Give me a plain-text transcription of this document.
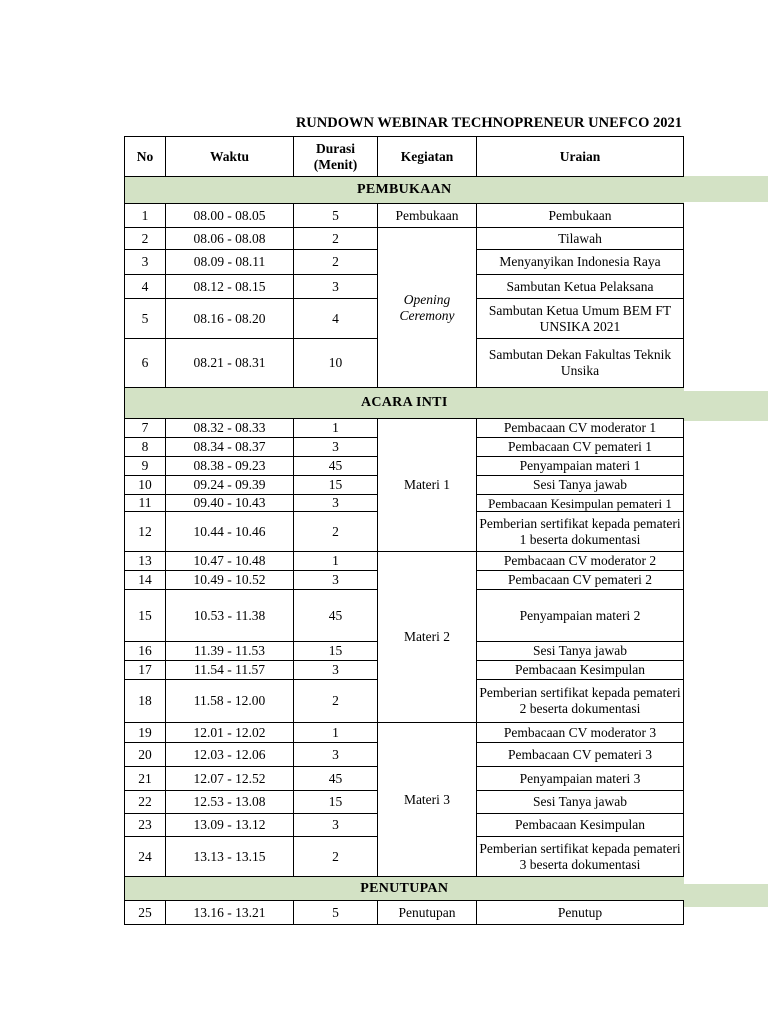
RUNDOWN WEBINAR TECHNOPRENEUR UNEFCO 2021
No	Waktu	Durasi (Menit)	Kegiatan	Uraian
PEMBUKAAN				
1	08.00 - 08.05	5	Pembukaan	Pembukaan
2	08.06 - 08.08	2	Opening Ceremony	Tilawah
3	08.09 - 08.11	2		Menyanyikan Indonesia Raya
4	08.12 - 08.15	3		Sambutan Ketua Pelaksana
5	08.16 - 08.20	4		Sambutan Ketua Umum BEM FT UNSIKA 2021
6	08.21 - 08.31	10		Sambutan Dekan Fakultas Teknik Unsika
ACARA INTI				
7	08.32 - 08.33	1	Materi 1	Pembacaan CV moderator 1
8	08.34 - 08.37	3		Pembacaan CV pemateri 1
9	08.38 - 09.23	45		Penyampaian materi 1
10	09.24 - 09.39	15		Sesi Tanya jawab
11	09.40 - 10.43	3		Pembacaan Kesimpulan pemateri 1
12	10.44 - 10.46	2		Pemberian sertifikat kepada pemateri 1 beserta dokumentasi
13	10.47 - 10.48	1	Materi 2	Pembacaan CV moderator 2
14	10.49 - 10.52	3		Pembacaan CV pemateri 2
15	10.53 - 11.38	45		Penyampaian materi 2
16	11.39 - 11.53	15		Sesi Tanya jawab
17	11.54 - 11.57	3		Pembacaan Kesimpulan
18	11.58 - 12.00	2		Pemberian sertifikat kepada pemateri 2 beserta dokumentasi
19	12.01 - 12.02	1	Materi 3	Pembacaan CV moderator 3
20	12.03 - 12.06	3		Pembacaan CV pemateri 3
21	12.07 - 12.52	45		Penyampaian materi 3
22	12.53 - 13.08	15		Sesi Tanya jawab
23	13.09 - 13.12	3		Pembacaan Kesimpulan
24	13.13 - 13.15	2		Pemberian sertifikat kepada pemateri 3 beserta dokumentasi
PENUTUPAN				
25	13.16 - 13.21	5	Penutupan	Penutup
